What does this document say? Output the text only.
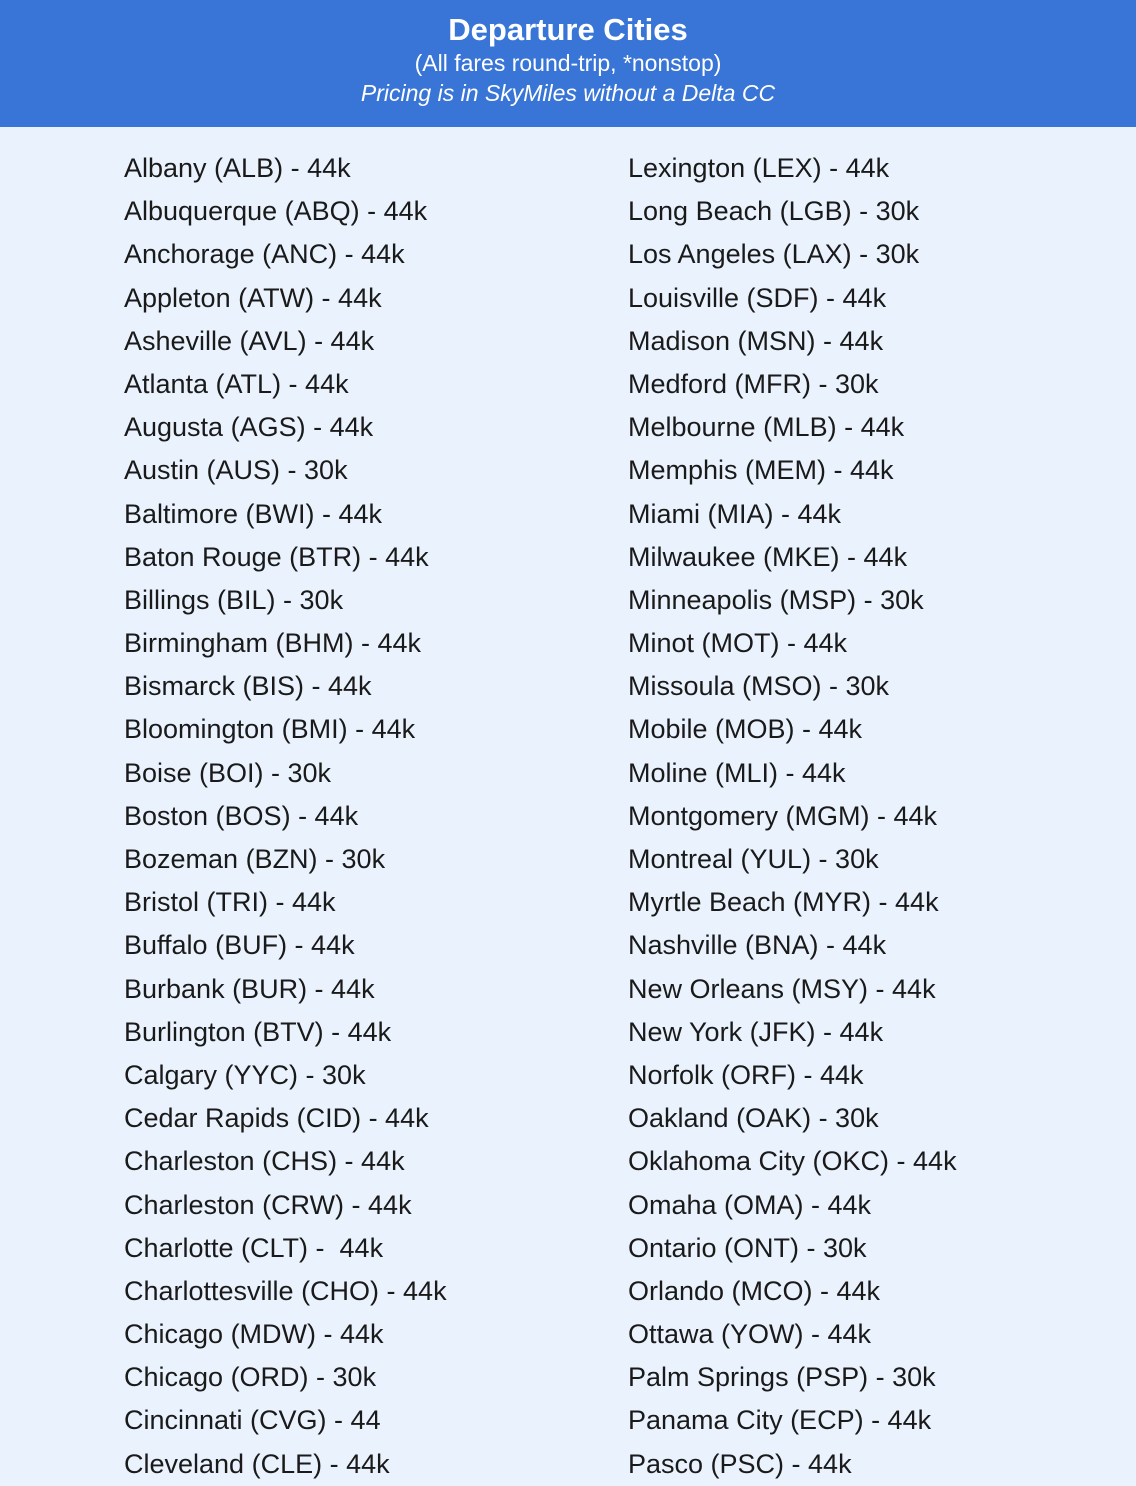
Departure Cities
(All fares round-trip, *nonstop)
Pricing is in SkyMiles without a Delta CC
Albany (ALB) - 44k
Albuquerque (ABQ) - 44k
Anchorage (ANC) - 44k
Appleton (ATW) - 44k
Asheville (AVL) - 44k
Atlanta (ATL) - 44k
Augusta (AGS) - 44k
Austin (AUS) - 30k
Baltimore (BWI) - 44k
Baton Rouge (BTR) - 44k
Billings (BIL) - 30k
Birmingham (BHM) - 44k
Bismarck (BIS) - 44k
Bloomington (BMI) - 44k
Boise (BOI) - 30k
Boston (BOS) - 44k
Bozeman (BZN) - 30k
Bristol (TRI) - 44k
Buffalo (BUF) - 44k
Burbank (BUR) - 44k
Burlington (BTV) - 44k
Calgary (YYC) - 30k
Cedar Rapids (CID) - 44k
Charleston (CHS) - 44k
Charleston (CRW) - 44k
Charlotte (CLT) -  44k
Charlottesville (CHO) - 44k
Chicago (MDW) - 44k
Chicago (ORD) - 30k
Cincinnati (CVG) - 44
Cleveland (CLE) - 44k
Lexington (LEX) - 44k
Long Beach (LGB) - 30k
Los Angeles (LAX) - 30k
Louisville (SDF) - 44k
Madison (MSN) - 44k
Medford (MFR) - 30k
Melbourne (MLB) - 44k
Memphis (MEM) - 44k
Miami (MIA) - 44k
Milwaukee (MKE) - 44k
Minneapolis (MSP) - 30k
Minot (MOT) - 44k
Missoula (MSO) - 30k
Mobile (MOB) - 44k
Moline (MLI) - 44k
Montgomery (MGM) - 44k
Montreal (YUL) - 30k
Myrtle Beach (MYR) - 44k
Nashville (BNA) - 44k
New Orleans (MSY) - 44k
New York (JFK) - 44k
Norfolk (ORF) - 44k
Oakland (OAK) - 30k
Oklahoma City (OKC) - 44k
Omaha (OMA) - 44k
Ontario (ONT) - 30k
Orlando (MCO) - 44k
Ottawa (YOW) - 44k
Palm Springs (PSP) - 30k
Panama City (ECP) - 44k
Pasco (PSC) - 44k
